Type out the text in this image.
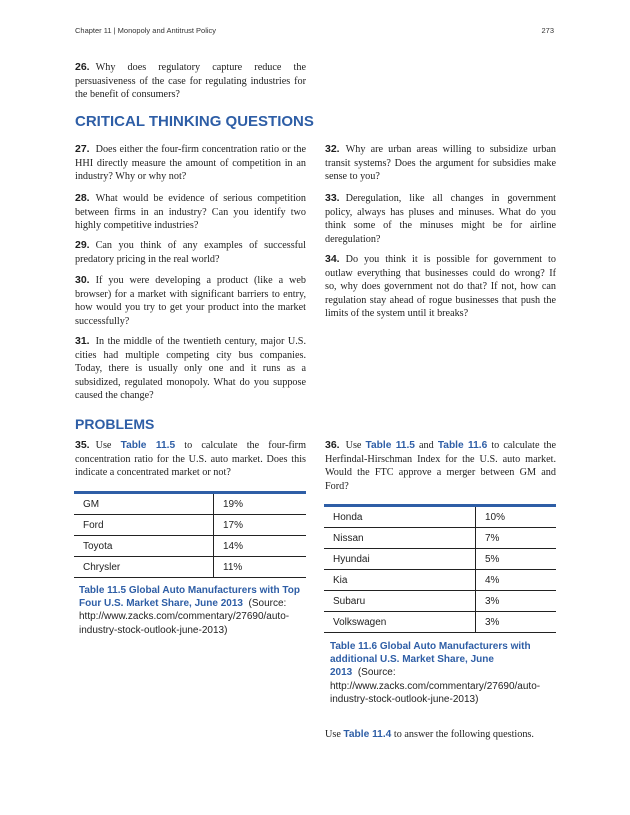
Chapter 11 | Monopoly and Antitrust Policy	273
26. Why does regulatory capture reduce the persuasiveness of the case for regulating industries for the benefit of consumers?
CRITICAL THINKING QUESTIONS
27. Does either the four-firm concentration ratio or the HHI directly measure the amount of competition in an industry? Why or why not?
28. What would be evidence of serious competition between firms in an industry? Can you identify two highly competitive industries?
29. Can you think of any examples of successful predatory pricing in the real world?
30. If you were developing a product (like a web browser) for a market with significant barriers to entry, how would you try to get your product into the market successfully?
31. In the middle of the twentieth century, major U.S. cities had multiple competing city bus companies. Today, there is usually only one and it runs as a subsidized, regulated monopoly. What do you suppose caused the change?
32. Why are urban areas willing to subsidize urban transit systems? Does the argument for subsidies make sense to you?
33. Deregulation, like all changes in government policy, always has pluses and minuses. What do you think some of the minuses might be for airline deregulation?
34. Do you think it is possible for government to outlaw everything that businesses could do wrong? If so, why does government not do that? If not, how can regulation stay ahead of rogue businesses that push the limits of the system until it breaks?
PROBLEMS
35. Use Table 11.5 to calculate the four-firm concentration ratio for the U.S. auto market. Does this indicate a concentrated market or not?
36. Use Table 11.5 and Table 11.6 to calculate the Herfindal-Hirschman Index for the U.S. auto market. Would the FTC approve a merger between GM and Ford?
GM	19%
Ford	17%
Toyota	14%
Chrysler	11%
Table 11.5 Global Auto Manufacturers with Top Four U.S. Market Share, June 2013 (Source: http://www.zacks.com/commentary/27690/auto-industry-stock-outlook-june-2013)
Honda	10%
Nissan	7%
Hyundai	5%
Kia	4%
Subaru	3%
Volkswagen	3%
Table 11.6 Global Auto Manufacturers with additional U.S. Market Share, June 2013 (Source: http://www.zacks.com/commentary/27690/auto-industry-stock-outlook-june-2013)
Use Table 11.4 to answer the following questions.
